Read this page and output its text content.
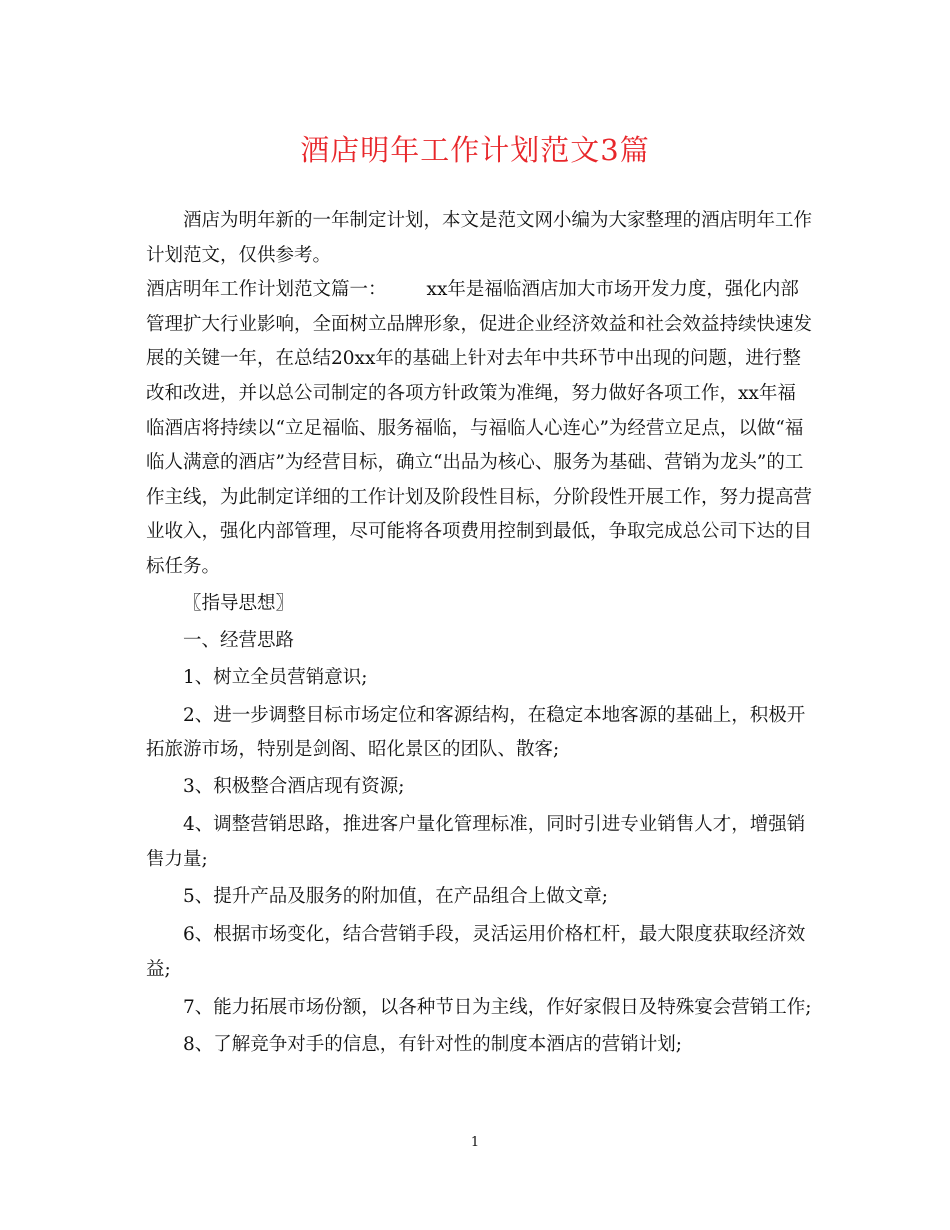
酒店明年工作计划范文3篇

酒店为明年新的一年制定计划，本文是范文网小编为大家整理的酒店明年工作计划范文，仅供参考。

酒店明年工作计划范文篇一： xx年是福临酒店加大市场开发力度，强化内部管理扩大行业影响，全面树立品牌形象，促进企业经济效益和社会效益持续快速发展的关键一年，在总结20xx年的基础上针对去年中共环节中出现的问题，进行整改和改进，并以总公司制定的各项方针政策为准绳，努力做好各项工作，xx年福临酒店将持续以“立足福临、服务福临，与福临人心连心”为经营立足点，以做“福临人满意的酒店”为经营目标，确立“出品为核心、服务为基础、营销为龙头”的工作主线，为此制定详细的工作计划及阶段性目标，分阶段性开展工作，努力提高营业收入，强化内部管理，尽可能将各项费用控制到最低，争取完成总公司下达的目标任务。

〖指导思想〗

一、经营思路

1、树立全员营销意识;

2、进一步调整目标市场定位和客源结构，在稳定本地客源的基础上，积极开拓旅游市场，特别是剑阁、昭化景区的团队、散客;

3、积极整合酒店现有资源;

4、调整营销思路，推进客户量化管理标准，同时引进专业销售人才，增强销售力量;

5、提升产品及服务的附加值，在产品组合上做文章;

6、根据市场变化，结合营销手段，灵活运用价格杠杆，最大限度获取经济效益;

7、能力拓展市场份额，以各种节日为主线，作好家假日及特殊宴会营销工作;

8、了解竞争对手的信息，有针对性的制度本酒店的营销计划;

1
